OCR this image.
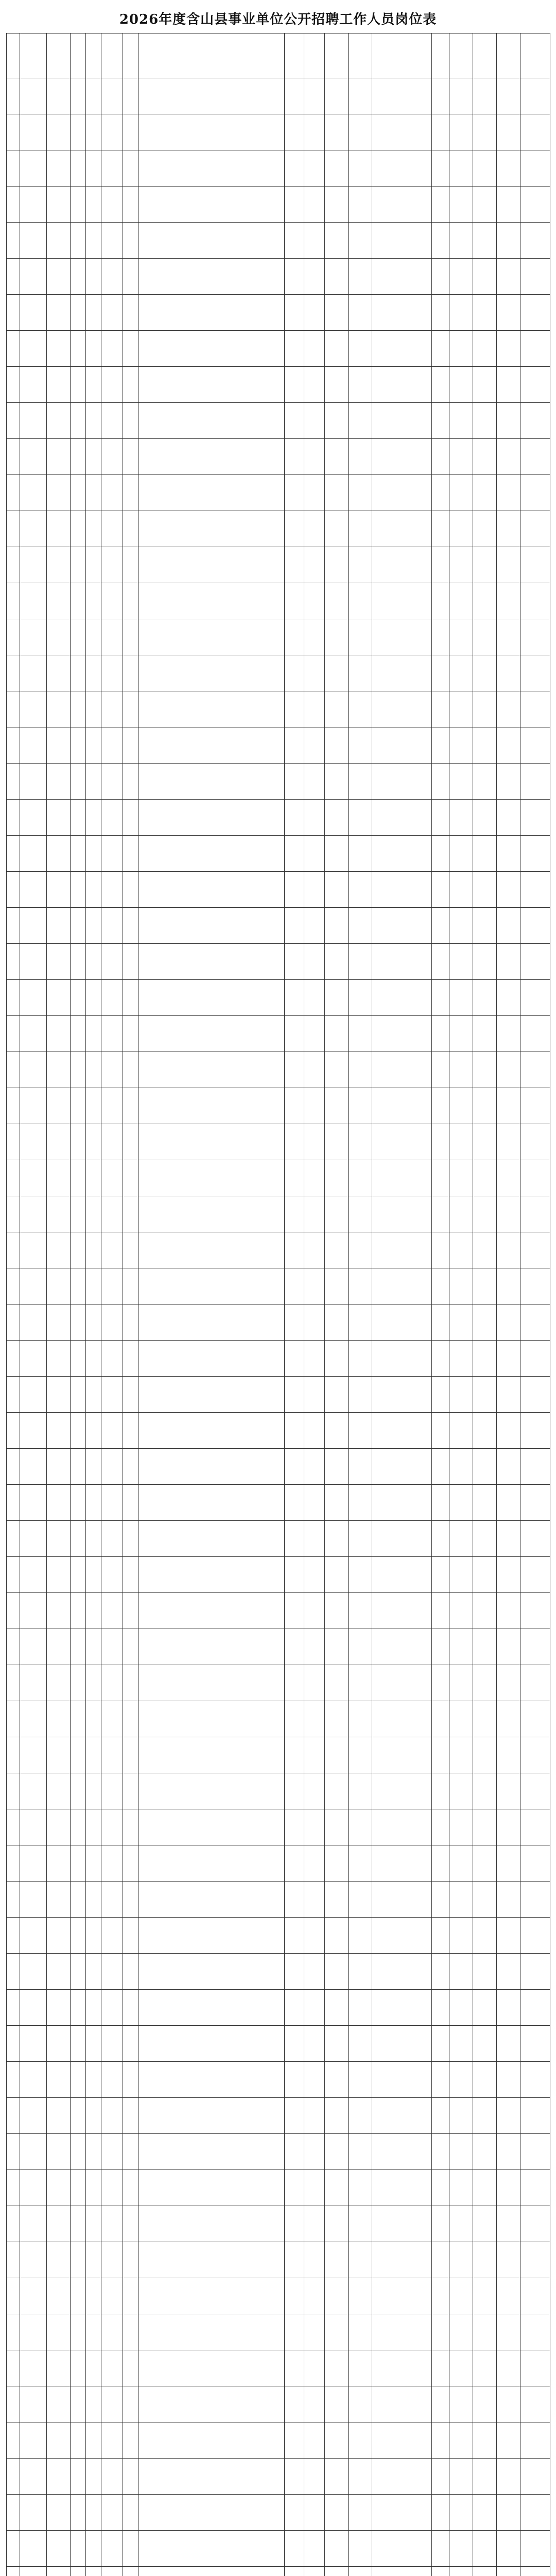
2026年度含山县事业单位公开招聘工作人员岗位表
